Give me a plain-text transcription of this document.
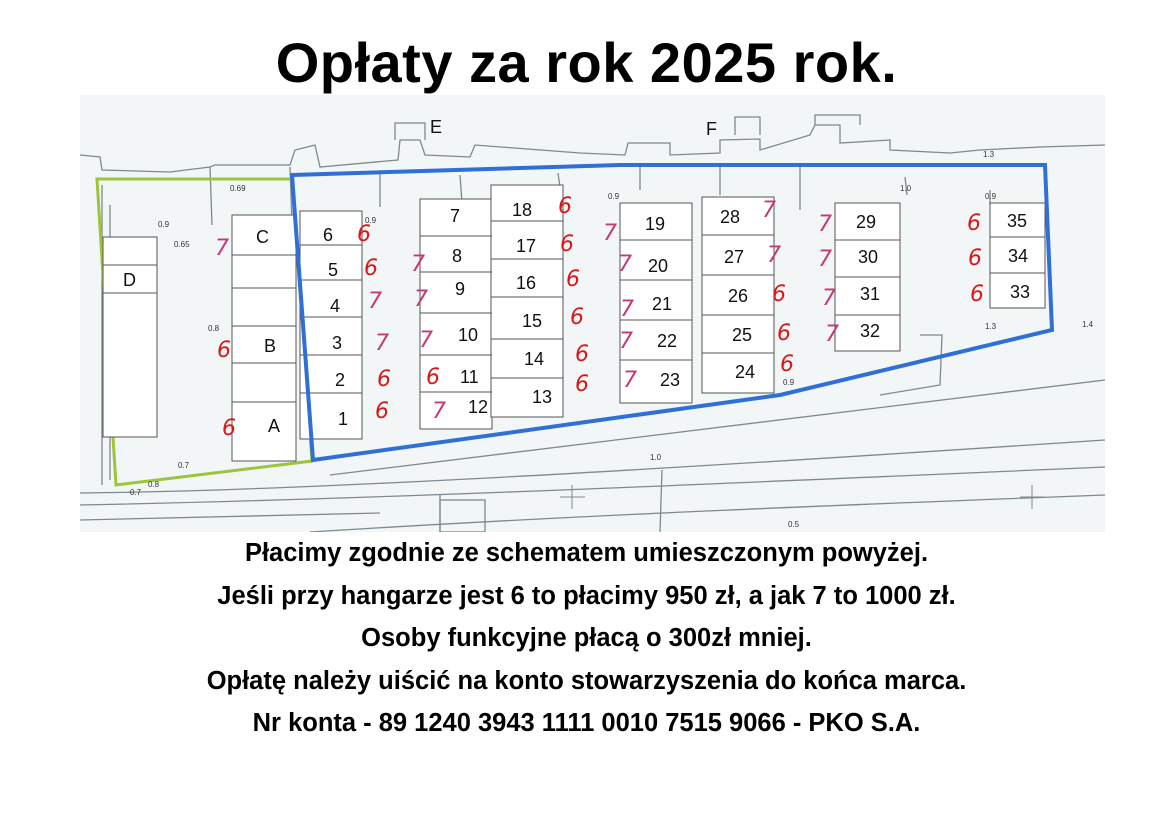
Opłaty za rok 2025 rok.
D
C
B
A
E	F
0.69
0.9
0.65
0.8
0.9
1.0
0.9
1.3
1.3	1.4
1.0
0.7
0.8
0.7
0.5
0.9
0.9
1
2
3
4
5
6
7
8
9
10
11
12 13
14
15
16
17
18
19
20
21
22
23	24
25
26
27
28	29
30
31
32
33
34
35
6
6
7
7
6
6
7
7
7
6
7
6
6
6
6
6
6
7
7
7
7
7
6
6
6
7
7
7
7
7
7
6
6
6
7
6
6
Płacimy zgodnie ze schematem umieszczonym powyżej.
Jeśli przy hangarze jest 6 to płacimy 950 zł, a jak 7 to 1000 zł.
Osoby funkcyjne płacą o 300zł mniej.
Opłatę należy uiścić na konto stowarzyszenia do końca marca.
Nr konta - 89 1240 3943 1111 0010 7515 9066 - PKO S.A.
